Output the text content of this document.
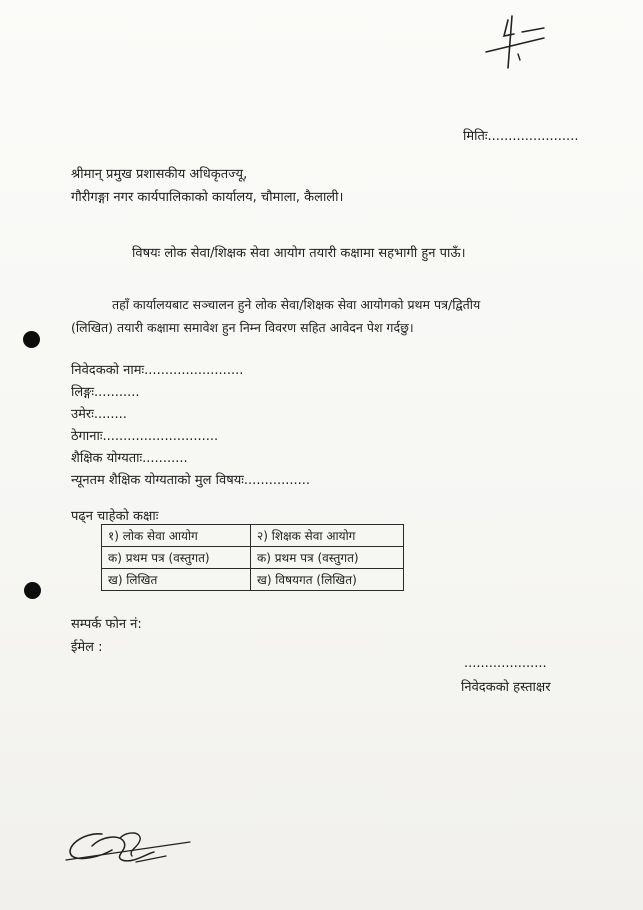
मितिः......................
श्रीमान् प्रमुख प्रशासकीय अधिकृतज्यू,
गौरीगङ्गा नगर कार्यपालिकाको कार्यालय, चौमाला, कैलाली।
विषयः लोक सेवा/शिक्षक सेवा आयोग तयारी कक्षामा सहभागी हुन पाऊँ।
तहाँ कार्यालयबाट सञ्चालन हुने लोक सेवा/शिक्षक सेवा आयोगको प्रथम पत्र/द्वितीय
(लिखित) तयारी कक्षामा समावेश हुन निम्न विवरण सहित आवेदन पेश गर्दछु।
निवेदकको नामः........................
लिङ्गः...........
उमेरः........
ठेगानाः............................
शैक्षिक योग्यताः...........
न्यूनतम शैक्षिक योग्यताको मुल विषयः................
पढ्न चाहेको कक्षाः
१) लोक सेवा आयोग	२) शिक्षक सेवा आयोग
क) प्रथम पत्र (वस्तुगत)	क) प्रथम पत्र (वस्तुगत)
ख) लिखित	ख) विषयगत (लिखित)
सम्पर्क फोन नं:
ईमेल :
....................
निवेदकको हस्ताक्षर
